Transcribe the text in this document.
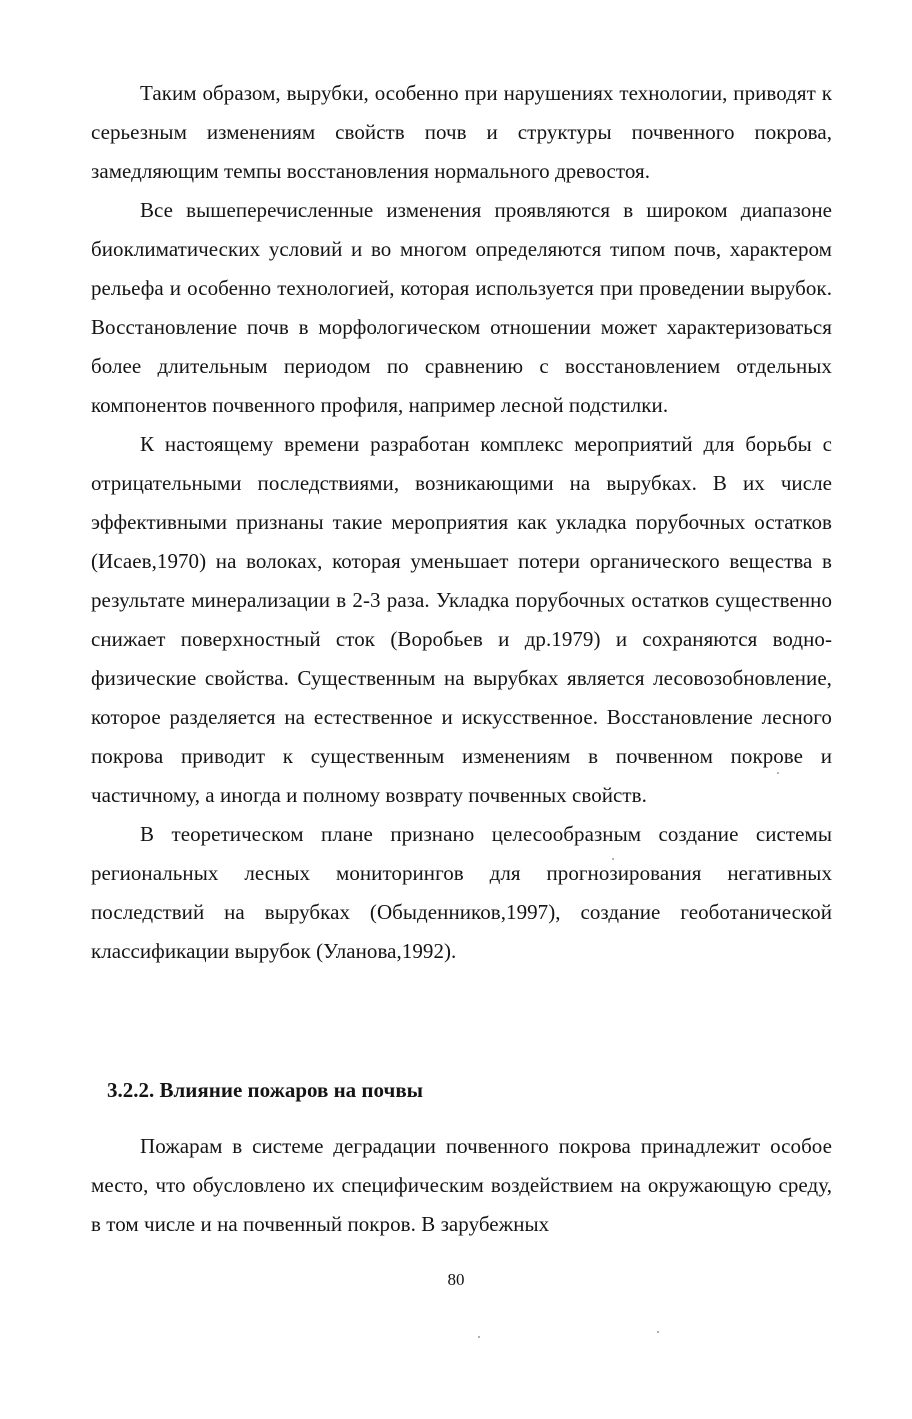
Таким образом, вырубки, особенно при нарушениях технологии, приводят к серьезным изменениям свойств почв и структуры почвенного покрова, замедляющим темпы восстановления нормального древостоя.

Все вышеперечисленные изменения проявляются в широком диапазоне биоклиматических условий и во многом определяются типом почв, характером рельефа и особенно технологией, которая используется при проведении вырубок. Восстановление почв в морфологическом отношении может характеризоваться более длительным периодом по сравнению с восстановлением отдельных компонентов почвенного профиля, например лесной подстилки.

К настоящему времени разработан комплекс мероприятий для борьбы с отрицательными последствиями, возникающими на вырубках. В их числе эффективными признаны такие мероприятия как укладка порубочных остатков (Исаев,1970) на волоках, которая уменьшает потери органического вещества в результате минерализации в 2-3 раза. Укладка порубочных остатков существенно снижает поверхностный сток (Воробьев и др.1979) и сохраняются водно-физические свойства. Существенным на вырубках является лесовозобновление, которое разделяется на естественное и искусственное. Восстановление лесного покрова приводит к существенным изменениям в почвенном покрове и частичному, а иногда и полному возврату почвенных свойств.

В теоретическом плане признано целесообразным создание системы региональных лесных мониторингов для прогнозирования негативных последствий на вырубках (Обыденников,1997), создание геоботанической классификации вырубок (Уланова,1992).

3.2.2. Влияние пожаров на почвы

Пожарам в системе деградации почвенного покрова принадлежит особое место, что обусловлено их специфическим воздействием на окружающую среду, в том числе и на почвенный покров. В зарубежных

80
